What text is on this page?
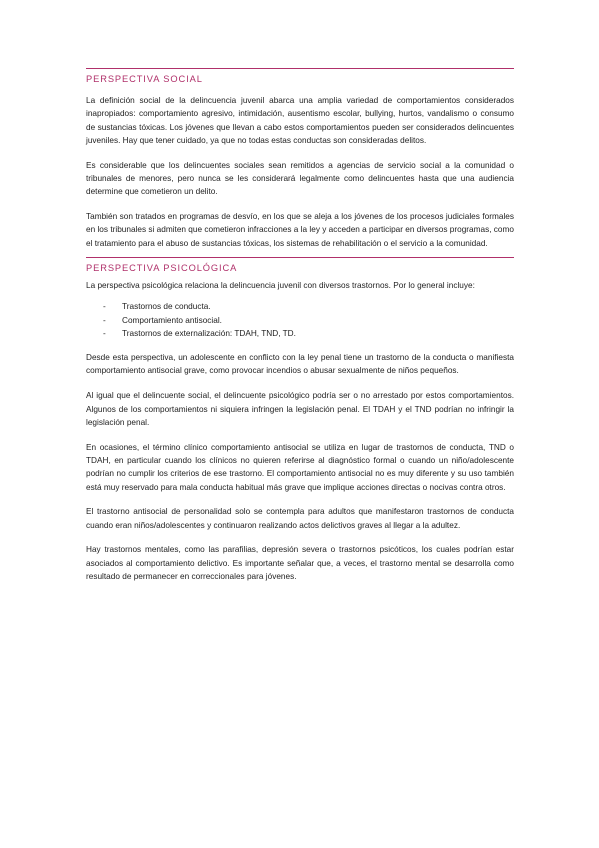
PERSPECTIVA SOCIAL

La definición social de la delincuencia juvenil abarca una amplia variedad de comportamientos considerados inapropiados: comportamiento agresivo, intimidación, ausentismo escolar, bullying, hurtos, vandalismo o consumo de sustancias tóxicas. Los jóvenes que llevan a cabo estos comportamientos pueden ser considerados delincuentes juveniles. Hay que tener cuidado, ya que no todas estas conductas son consideradas delitos.

Es considerable que los delincuentes sociales sean remitidos a agencias de servicio social a la comunidad o tribunales de menores, pero nunca se les considerará legalmente como delincuentes hasta que una audiencia determine que cometieron un delito.

También son tratados en programas de desvío, en los que se aleja a los jóvenes de los procesos judiciales formales en los tribunales si admiten que cometieron infracciones a la ley y acceden a participar en diversos programas, como el tratamiento para el abuso de sustancias tóxicas, los sistemas de rehabilitación o el servicio a la comunidad.

PERSPECTIVA PSICOLÓGICA

La perspectiva psicológica relaciona la delincuencia juvenil con diversos trastornos. Por lo general incluye:

- Trastornos de conducta.
- Comportamiento antisocial.
- Trastornos de externalización: TDAH, TND, TD.

Desde esta perspectiva, un adolescente en conflicto con la ley penal tiene un trastorno de la conducta o manifiesta comportamiento antisocial grave, como provocar incendios o abusar sexualmente de niños pequeños.

Al igual que el delincuente social, el delincuente psicológico podría ser o no arrestado por estos comportamientos. Algunos de los comportamientos ni siquiera infringen la legislación penal. El TDAH y el TND podrían no infringir la legislación penal.

En ocasiones, el término clínico comportamiento antisocial se utiliza en lugar de trastornos de conducta, TND o TDAH, en particular cuando los clínicos no quieren referirse al diagnóstico formal o cuando un niño/adolescente podrían no cumplir los criterios de ese trastorno. El comportamiento antisocial no es muy diferente y su uso también está muy reservado para mala conducta habitual más grave que implique acciones directas o nocivas contra otros.

El trastorno antisocial de personalidad solo se contempla para adultos que manifestaron trastornos de conducta cuando eran niños/adolescentes y continuaron realizando actos delictivos graves al llegar a la adultez.

Hay trastornos mentales, como las parafilias, depresión severa o trastornos psicóticos, los cuales podrían estar asociados al comportamiento delictivo. Es importante señalar que, a veces, el trastorno mental se desarrolla como resultado de permanecer en correccionales para jóvenes.
